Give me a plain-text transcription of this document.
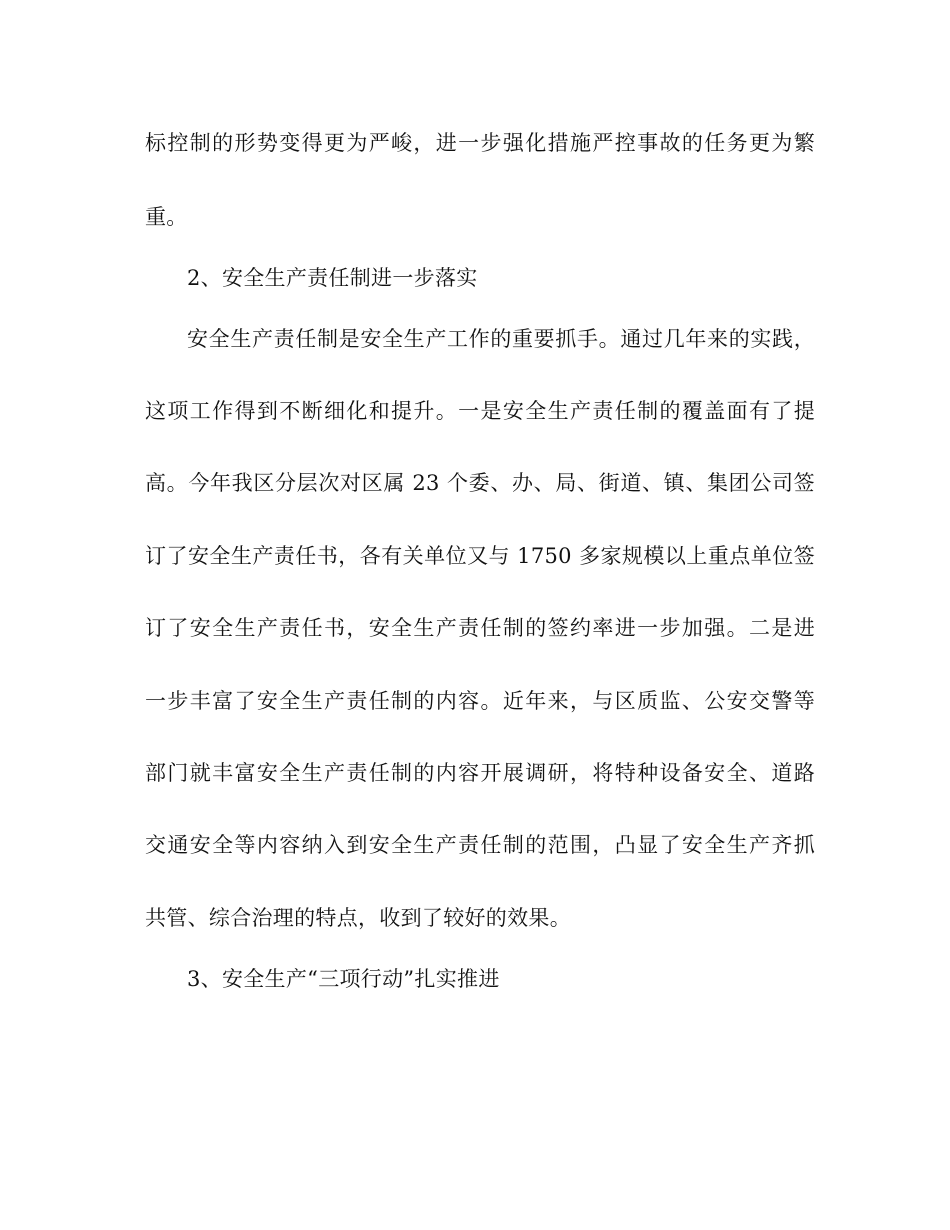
标控制的形势变得更为严峻，进一步强化措施严控事故的任务更为繁
重。
2、安全生产责任制进一步落实
安全生产责任制是安全生产工作的重要抓手。通过几年来的实践，
这项工作得到不断细化和提升。一是安全生产责任制的覆盖面有了提
高。今年我区分层次对区属 23 个委、办、局、街道、镇、集团公司签
订了安全生产责任书，各有关单位又与 1750 多家规模以上重点单位签
订了安全生产责任书，安全生产责任制的签约率进一步加强。二是进
一步丰富了安全生产责任制的内容。近年来，与区质监、公安交警等
部门就丰富安全生产责任制的内容开展调研，将特种设备安全、道路
交通安全等内容纳入到安全生产责任制的范围，凸显了安全生产齐抓
共管、综合治理的特点，收到了较好的效果。
3、安全生产“三项行动”扎实推进
